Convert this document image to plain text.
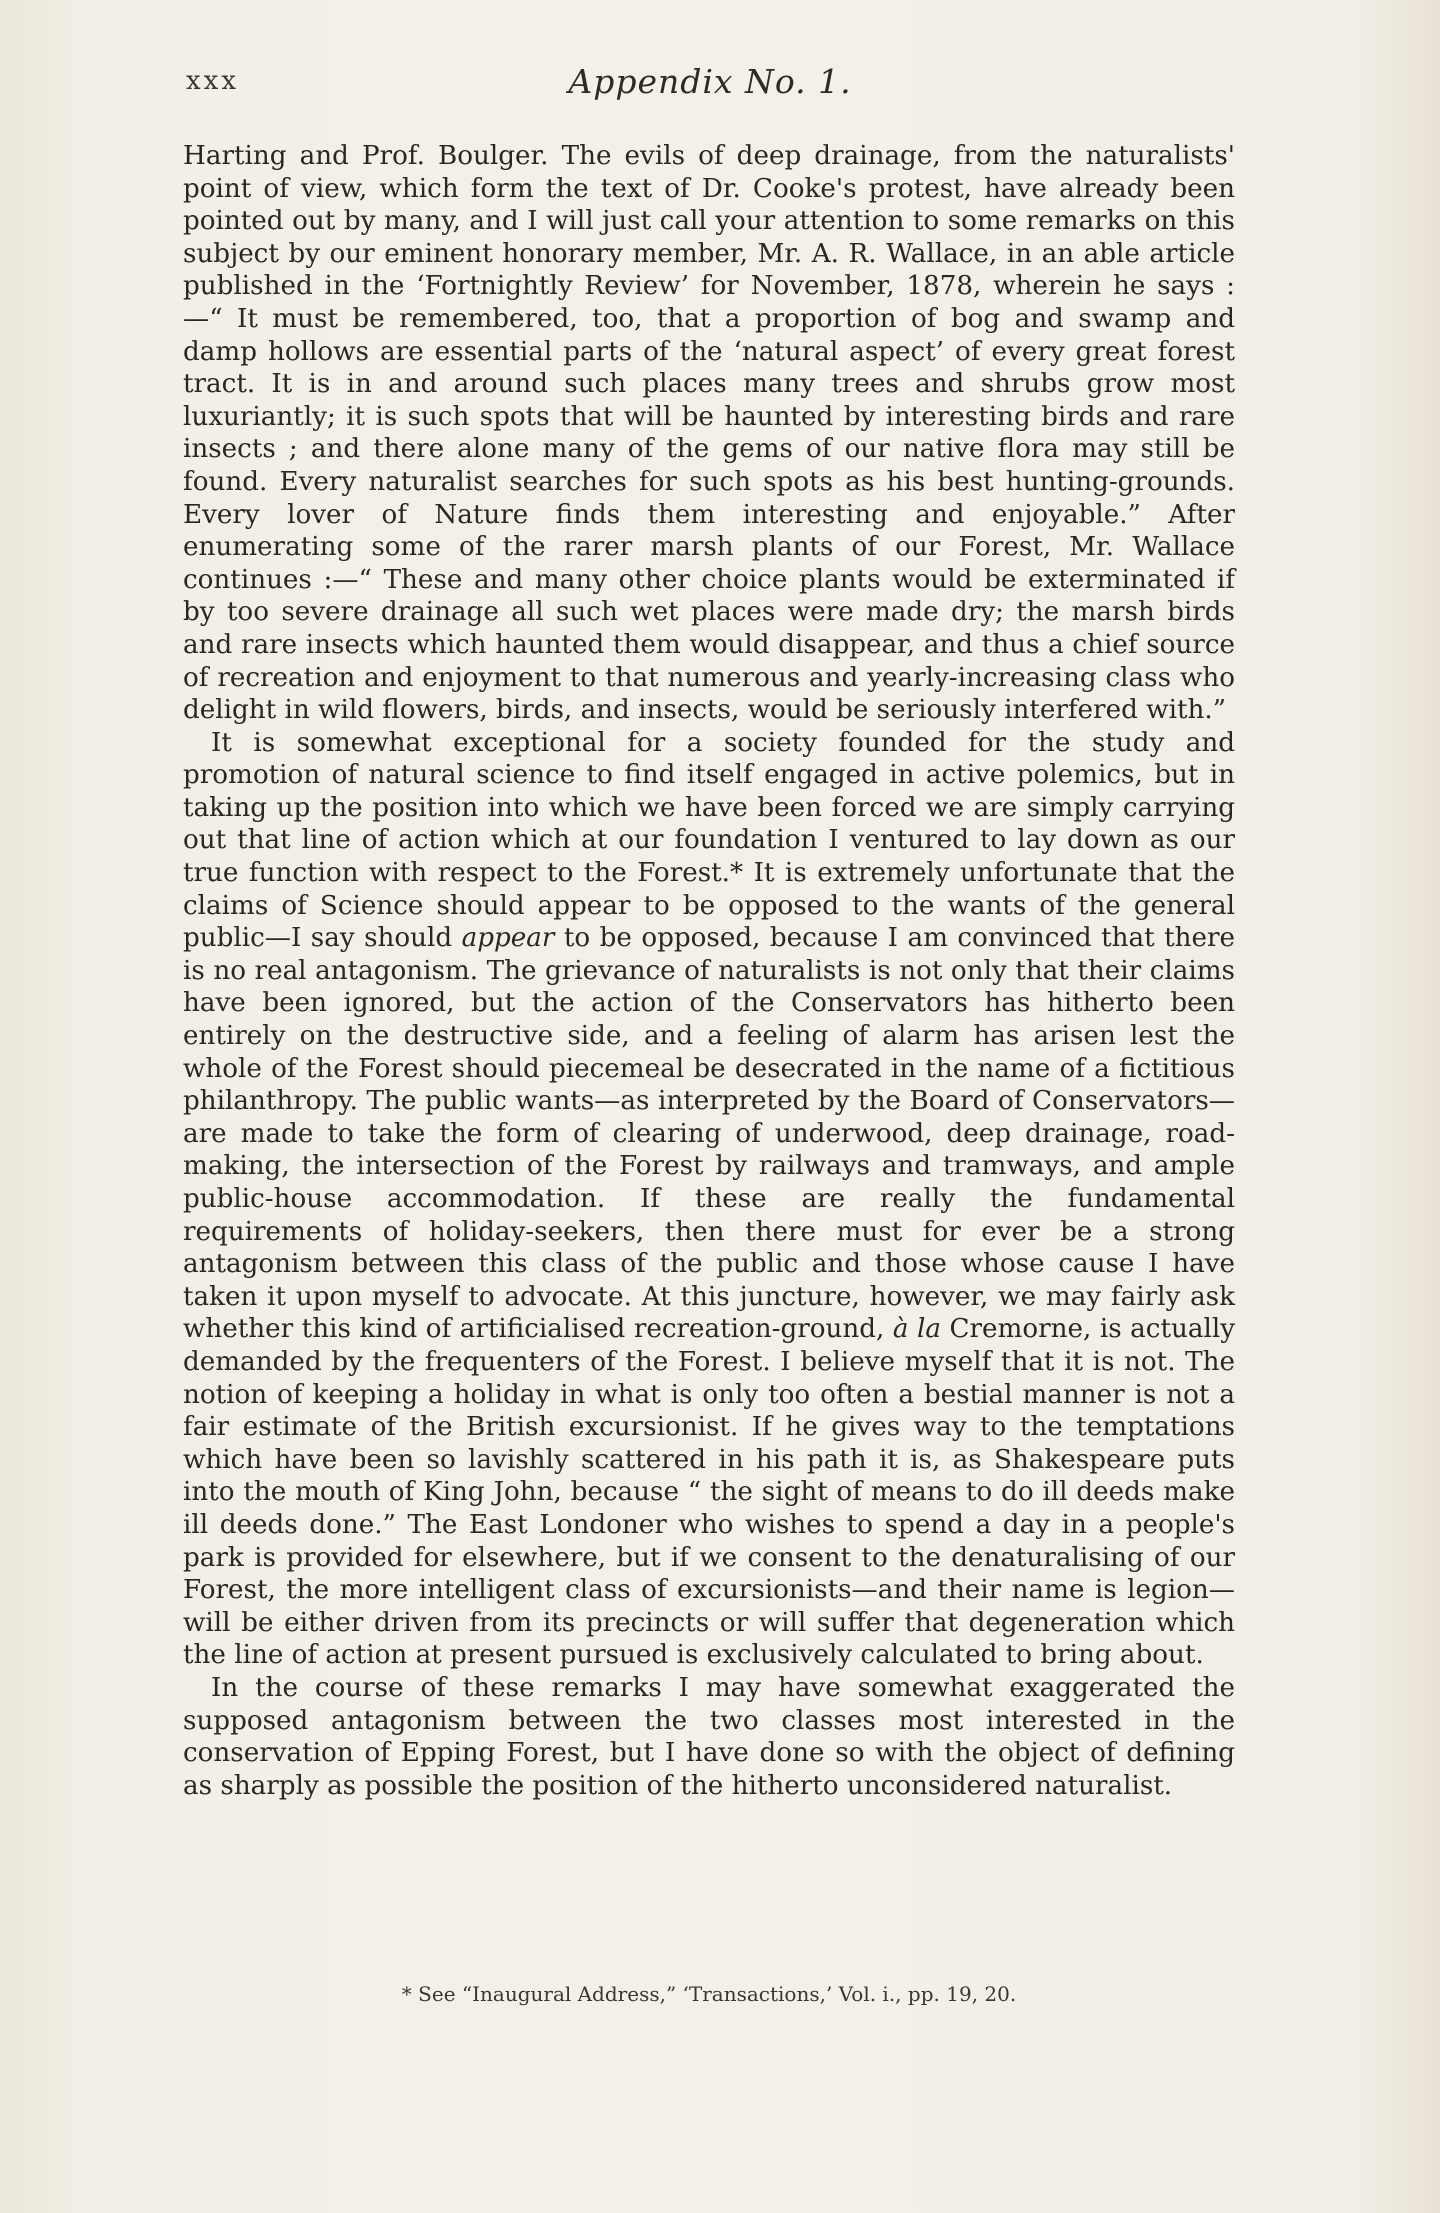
xxx	Appendix No. 1.

Harting and Prof. Boulger. The evils of deep drainage, from the naturalists' point of view, which form the text of Dr. Cooke's protest, have already been pointed out by many, and I will just call your attention to some remarks on this subject by our eminent honorary member, Mr. A. R. Wallace, in an able article published in the ‘Fortnightly Review’ for November, 1878, wherein he says :—“ It must be remembered, too, that a proportion of bog and swamp and damp hollows are essential parts of the ‘natural aspect’ of every great forest tract. It is in and around such places many trees and shrubs grow most luxuriantly; it is such spots that will be haunted by interesting birds and rare insects ; and there alone many of the gems of our native flora may still be found. Every naturalist searches for such spots as his best hunting-grounds. Every lover of Nature finds them interesting and enjoyable.” After enumerating some of the rarer marsh plants of our Forest, Mr. Wallace continues :—“ These and many other choice plants would be exterminated if by too severe drainage all such wet places were made dry; the marsh birds and rare insects which haunted them would disappear, and thus a chief source of recreation and enjoyment to that numerous and yearly-increasing class who delight in wild flowers, birds, and insects, would be seriously interfered with.”

It is somewhat exceptional for a society founded for the study and promotion of natural science to find itself engaged in active polemics, but in taking up the position into which we have been forced we are simply carrying out that line of action which at our foundation I ventured to lay down as our true function with respect to the Forest.* It is extremely unfortunate that the claims of Science should appear to be opposed to the wants of the general public—I say should appear to be opposed, because I am convinced that there is no real antagonism. The grievance of naturalists is not only that their claims have been ignored, but the action of the Conservators has hitherto been entirely on the destructive side, and a feeling of alarm has arisen lest the whole of the Forest should piecemeal be desecrated in the name of a fictitious philanthropy. The public wants—as interpreted by the Board of Conservators—are made to take the form of clearing of underwood, deep drainage, road-making, the intersection of the Forest by railways and tramways, and ample public-house accommodation. If these are really the fundamental requirements of holiday-seekers, then there must for ever be a strong antagonism between this class of the public and those whose cause I have taken it upon myself to advocate. At this juncture, however, we may fairly ask whether this kind of artificialised recreation-ground, à la Cremorne, is actually demanded by the frequenters of the Forest. I believe myself that it is not. The notion of keeping a holiday in what is only too often a bestial manner is not a fair estimate of the British excursionist. If he gives way to the temptations which have been so lavishly scattered in his path it is, as Shakespeare puts into the mouth of King John, because “ the sight of means to do ill deeds make ill deeds done.” The East Londoner who wishes to spend a day in a people's park is provided for elsewhere, but if we consent to the denaturalising of our Forest, the more intelligent class of excursionists—and their name is legion—will be either driven from its precincts or will suffer that degeneration which the line of action at present pursued is exclusively calculated to bring about.

In the course of these remarks I may have somewhat exaggerated the supposed antagonism between the two classes most interested in the conservation of Epping Forest, but I have done so with the object of defining as sharply as possible the position of the hitherto unconsidered naturalist.

* See “Inaugural Address,” ‘Transactions,’ Vol. i., pp. 19, 20.
